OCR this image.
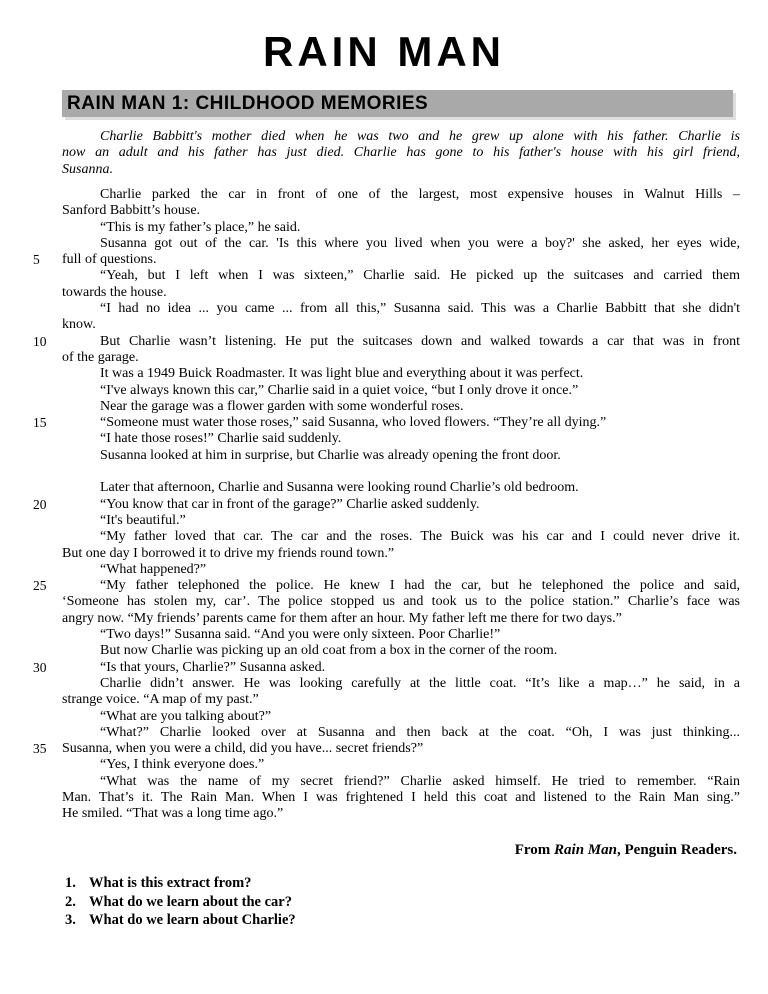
RAIN MAN
RAIN MAN 1: CHILDHOOD MEMORIES
Charlie Babbitt's mother died when he was two and he grew up alone with his father. Charlie is
now an adult and his father has just died. Charlie has gone to his father's house with his girl friend,
Susanna.
Charlie parked the car in front of one of the largest, most expensive houses in Walnut Hills –
Sanford Babbitt’s house.
“This is my father’s place,” he said.
Susanna got out of the car. 'Is this where you lived when you were a boy?' she asked, her eyes wide,
5	full of questions.
“Yeah, but I left when I was sixteen,” Charlie said. He picked up the suitcases and carried them
towards the house.
“I had no idea ... you came ... from all this,” Susanna said. This was a Charlie Babbitt that she didn't
know.
10	But Charlie wasn’t listening. He put the suitcases down and walked towards a car that was in front
of the garage.
It was a 1949 Buick Roadmaster. It was light blue and everything about it was perfect.
“I've always known this car,” Charlie said in a quiet voice, “but I only drove it once.”
Near the garage was a flower garden with some wonderful roses.
15	“Someone must water those roses,” said Susanna, who loved flowers. “They’re all dying.”
“I hate those roses!” Charlie said suddenly.
Susanna looked at him in surprise, but Charlie was already opening the front door.
Later that afternoon, Charlie and Susanna were looking round Charlie’s old bedroom.
20	“You know that car in front of the garage?” Charlie asked suddenly.
“It's beautiful.”
“My father loved that car. The car and the roses. The Buick was his car and I could never drive it.
But one day I borrowed it to drive my friends round town.”
“What happened?”
25	“My father telephoned the police. He knew I had the car, but he telephoned the police and said,
‘Someone has stolen my, car’. The police stopped us and took us to the police station.” Charlie’s face was
angry now. “My friends’ parents came for them after an hour. My father left me there for two days.”
“Two days!” Susanna said. “And you were only sixteen. Poor Charlie!”
But now Charlie was picking up an old coat from a box in the corner of the room.
30	“Is that yours, Charlie?” Susanna asked.
Charlie didn’t answer. He was looking carefully at the little coat. “It’s like a map…” he said, in a
strange voice. “A map of my past.”
“What are you talking about?”
“What?” Charlie looked over at Susanna and then back at the coat. “Oh, I was just thinking...
35	Susanna, when you were a child, did you have... secret friends?”
“Yes, I think everyone does.”
“What was the name of my secret friend?” Charlie asked himself. He tried to remember. “Rain
Man. That’s it. The Rain Man. When I was frightened I held this coat and listened to the Rain Man sing.”
He smiled. “That was a long time ago.”
From Rain Man, Penguin Readers.
1. What is this extract from?
2. What do we learn about the car?
3. What do we learn about Charlie?
